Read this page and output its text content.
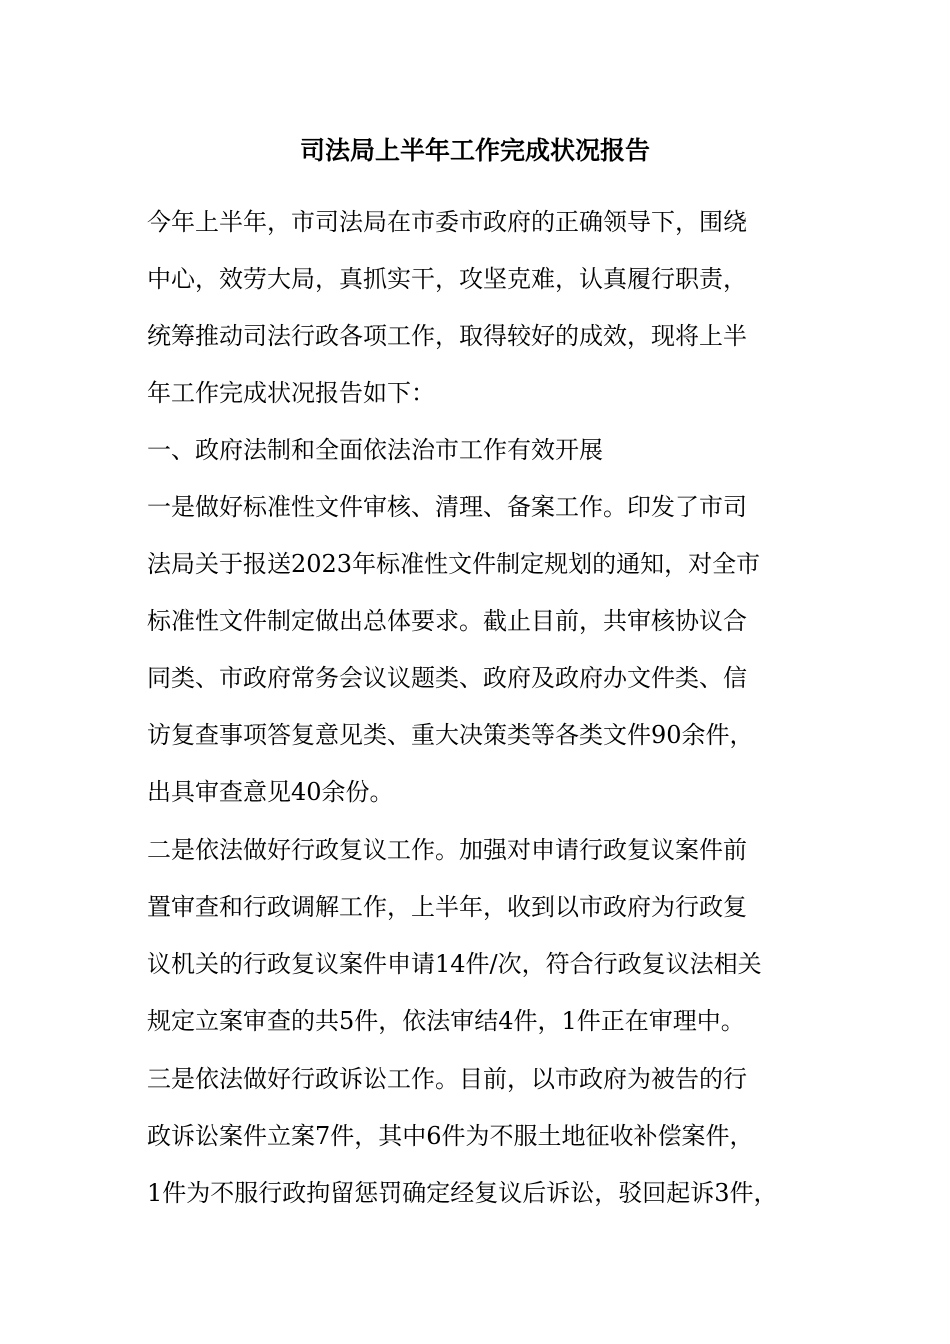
司法局上半年工作完成状况报告

今年上半年，市司法局在市委市政府的正确领导下，围绕

中心，效劳大局，真抓实干，攻坚克难，认真履行职责，

统筹推动司法行政各项工作，取得较好的成效，现将上半

年工作完成状况报告如下：

一、政府法制和全面依法治市工作有效开展

一是做好标准性文件审核、清理、备案工作。印发了市司

法局关于报送2023年标准性文件制定规划的通知，对全市

标准性文件制定做出总体要求。截止目前，共审核协议合

同类、市政府常务会议议题类、政府及政府办文件类、信

访复查事项答复意见类、重大决策类等各类文件90余件，

出具审查意见40余份。

二是依法做好行政复议工作。加强对申请行政复议案件前

置审查和行政调解工作，上半年，收到以市政府为行政复

议机关的行政复议案件申请14件/次，符合行政复议法相关

规定立案审查的共5件，依法审结4件，1件正在审理中。

三是依法做好行政诉讼工作。目前，以市政府为被告的行

政诉讼案件立案7件，其中6件为不服土地征收补偿案件，

1件为不服行政拘留惩罚确定经复议后诉讼，驳回起诉3件，
